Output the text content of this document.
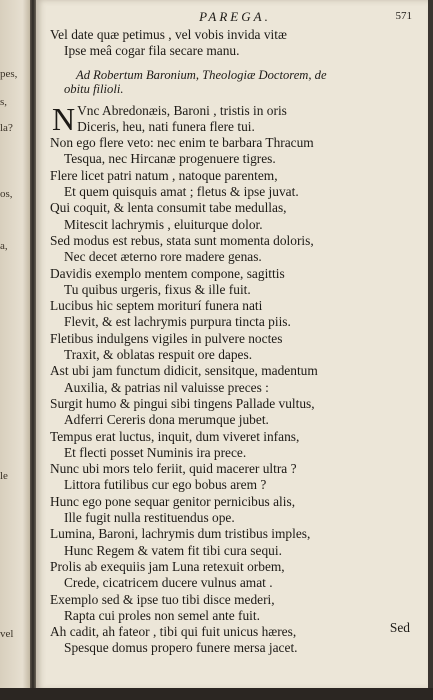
pes,
s,
la?
os,
a,
le
vel
PAREGA.	571
Vel date quæ petimus , vel vobis invida vitæ
Ipse meâ cogar fila secare manu.
Ad Robertum Baronium, Theologiæ Doctorem, de
obitu filioli.
N Vnc Abredonæis, Baroni , tristis in oris
Diceris, heu, nati funera flere tui.
Non ego flere veto: nec enim te barbara Thracum
Tesqua, nec Hircanæ progenuere tigres.
Flere licet patri natum , natoque parentem,
Et quem quisquis amat ; fletus & ipse juvat.
Qui coquit, & lenta consumit tabe medullas,
Mitescit lachrymis , eluiturque dolor.
Sed modus est rebus, stata sunt momenta doloris,
Nec decet æterno rore madere genas.
Davidis exemplo mentem compone, sagittis
Tu quibus urgeris, fixus & ille fuit.
Lucibus hic septem moriturí funera nati
Flevit, & est lachrymis purpura tincta piis.
Fletibus indulgens vigiles in pulvere noctes
Traxit, & oblatas respuit ore dapes.
Ast ubi jam functum didicit, sensitque, madentum
Auxilia, & patrias nil valuisse preces :
Surgit humo & pingui sibi tingens Pallade vultus,
Adferri Cereris dona merumque jubet.
Tempus erat luctus, inquit, dum viveret infans,
Et flecti posset Numinis ira prece.
Nunc ubi mors telo feriit, quid macerer ultra ?
Littora futilibus cur ego bobus arem ?
Hunc ego pone sequar genitor pernicibus alis,
Ille fugit nulla restituendus ope.
Lumina, Baroni, lachrymis dum tristibus imples,
Hunc Regem & vatem fit tibi cura sequi.
Prolis ab exequiis jam Luna retexuit orbem,
Crede, cicatricem ducere vulnus amat .
Exemplo sed & ipse tuo tibi disce mederi,
Rapta cui proles non semel ante fuit.
Ah cadit, ah fateor , tibi qui fuit unicus hæres,
Spesque domus propero funere mersa jacet.
Sed
